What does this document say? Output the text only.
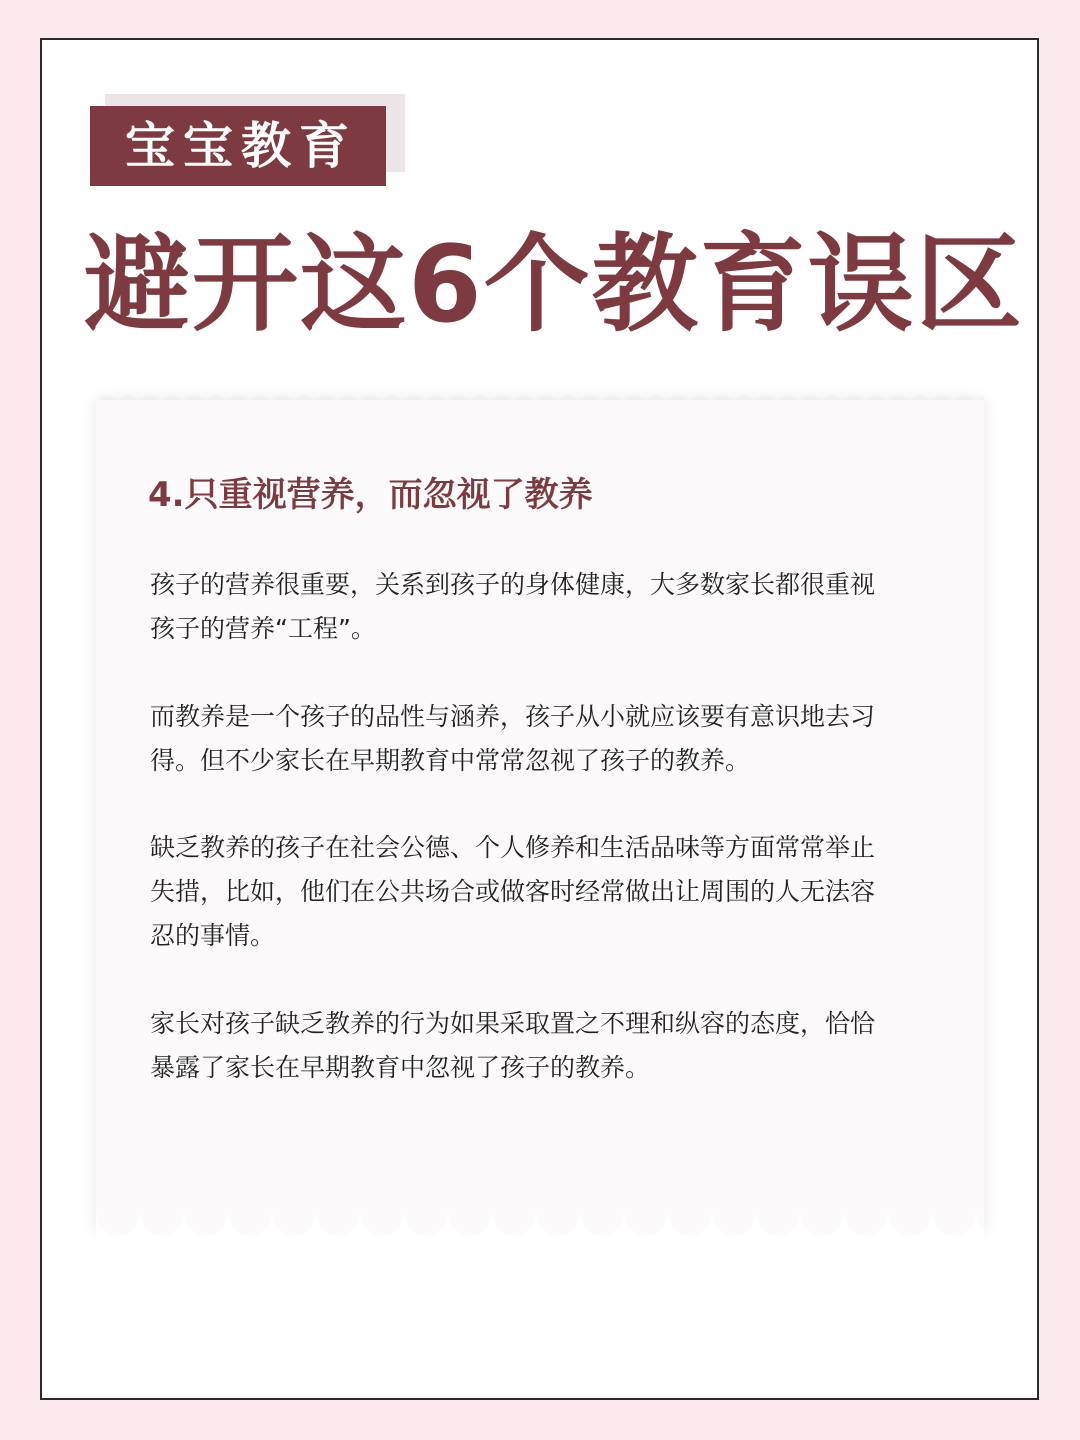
宝宝教育
避开这6个教育误区
4.只重视营养，而忽视了教养
孩子的营养很重要，关系到孩子的身体健康，大多数家长都很重视
孩子的营养“工程”。
而教养是一个孩子的品性与涵养，孩子从小就应该要有意识地去习
得。但不少家长在早期教育中常常忽视了孩子的教养。
缺乏教养的孩子在社会公德、个人修养和生活品味等方面常常举止
失措，比如，他们在公共场合或做客时经常做出让周围的人无法容
忍的事情。
家长对孩子缺乏教养的行为如果采取置之不理和纵容的态度，恰恰
暴露了家长在早期教育中忽视了孩子的教养。
